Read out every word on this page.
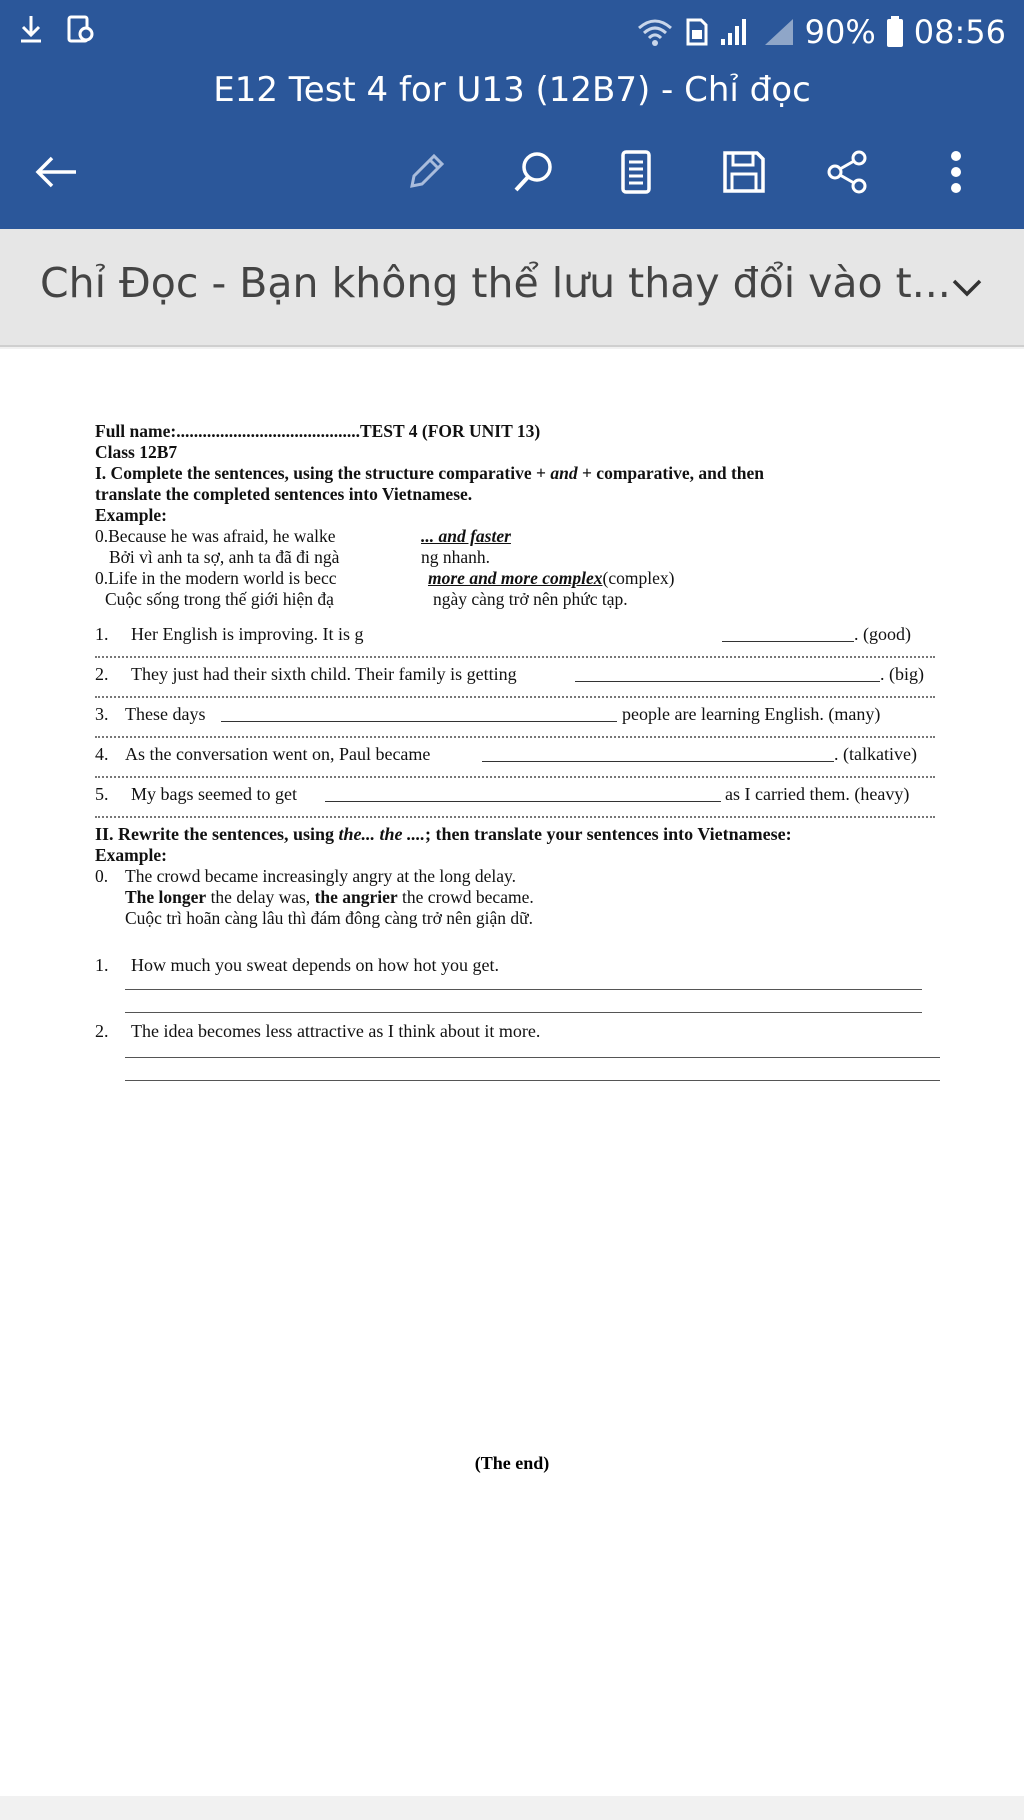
90% 08:56
E12 Test 4 for U13 (12B7) - Chỉ đọc
Chỉ Đọc - Bạn không thể lưu thay đổi vào t...
Full name:..........................................TEST 4 (FOR UNIT 13)
Class 12B7
I. Complete the sentences, using the structure comparative + and + comparative, and then
translate the completed sentences into Vietnamese.
Example:
0.Because he was afraid, he walke	... and faster
Bởi vì anh ta sợ, anh ta đã đi ngà	ng nhanh.
0.Life in the modern world is becc	more and more complex(complex)
Cuộc sống trong thế giới hiện đạ	ngày càng trở nên phức tạp.
1. Her English is improving. It is g	. (good)
2. They just had their sixth child. Their family is getting	. (big)
3. These days	people are learning English. (many)
4. As the conversation went on, Paul became	. (talkative)
5. My bags seemed to get	as I carried them. (heavy)
II. Rewrite the sentences, using the... the ....; then translate your sentences into Vietnamese:
Example:
0. The crowd became increasingly angry at the long delay.
The longer the delay was, the angrier the crowd became.
Cuộc trì hoãn càng lâu thì đám đông càng trở nên giận dữ.
1. How much you sweat depends on how hot you get.
2. The idea becomes less attractive as I think about it more.
(The end)
